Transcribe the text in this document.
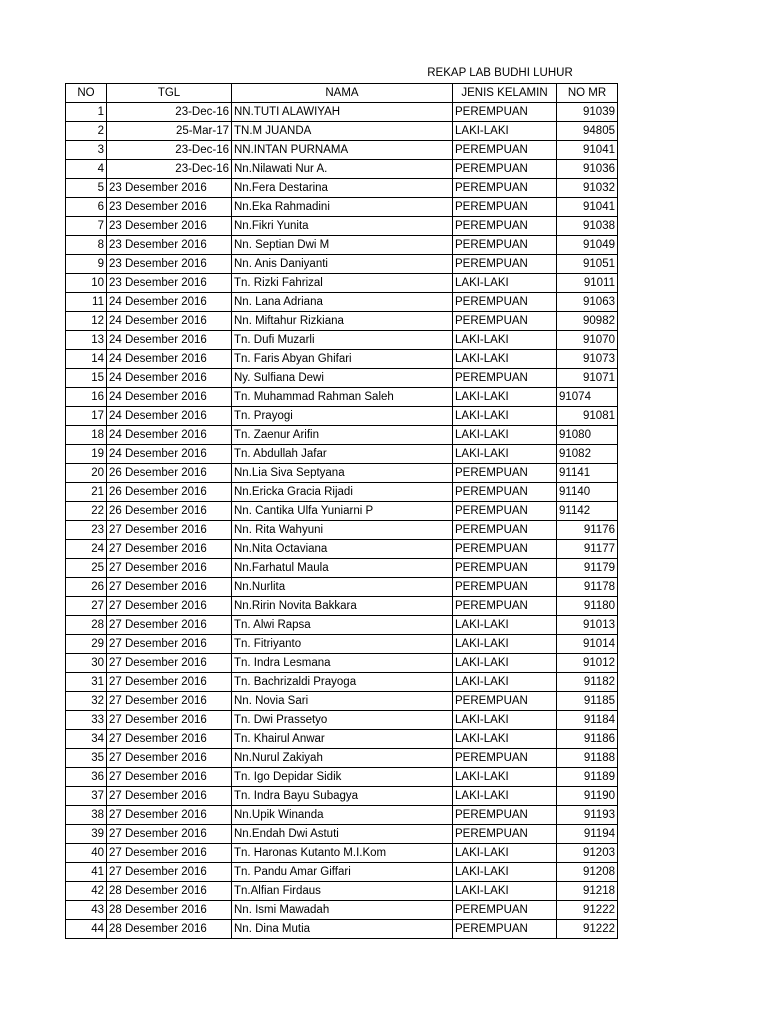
REKAP LAB BUDHI LUHUR
NO	TGL	NAMA	JENIS KELAMIN	NO MR
1	23-Dec-16	NN.TUTI ALAWIYAH	PEREMPUAN	91039
2	25-Mar-17	TN.M JUANDA	LAKI-LAKI	94805
3	23-Dec-16	NN.INTAN PURNAMA	PEREMPUAN	91041
4	23-Dec-16	Nn.Nilawati Nur A.	PEREMPUAN	91036
5	23 Desember 2016	Nn.Fera Destarina	PEREMPUAN	91032
6	23 Desember 2016	Nn.Eka Rahmadini	PEREMPUAN	91041
7	23 Desember 2016	Nn.Fikri Yunita	PEREMPUAN	91038
8	23 Desember 2016	Nn. Septian Dwi M	PEREMPUAN	91049
9	23 Desember 2016	Nn. Anis Daniyanti	PEREMPUAN	91051
10	23 Desember 2016	Tn. Rizki Fahrizal	LAKI-LAKI	91011
11	24 Desember 2016	Nn. Lana Adriana	PEREMPUAN	91063
12	24 Desember 2016	Nn. Miftahur Rizkiana	PEREMPUAN	90982
13	24 Desember 2016	Tn. Dufi Muzarli	LAKI-LAKI	91070
14	24 Desember 2016	Tn. Faris Abyan Ghifari	LAKI-LAKI	91073
15	24 Desember 2016	Ny. Sulfiana Dewi	PEREMPUAN	91071
16	24 Desember 2016	Tn. Muhammad Rahman Saleh	LAKI-LAKI	91074
17	24 Desember 2016	Tn. Prayogi	LAKI-LAKI	91081
18	24 Desember 2016	Tn. Zaenur Arifin	LAKI-LAKI	91080
19	24 Desember 2016	Tn. Abdullah Jafar	LAKI-LAKI	91082
20	26 Desember 2016	Nn.Lia Siva Septyana	PEREMPUAN	91141
21	26 Desember 2016	Nn.Ericka Gracia Rijadi	PEREMPUAN	91140
22	26 Desember 2016	Nn. Cantika Ulfa Yuniarni P	PEREMPUAN	91142
23	27 Desember 2016	Nn. Rita Wahyuni	PEREMPUAN	91176
24	27 Desember 2016	Nn.Nita Octaviana	PEREMPUAN	91177
25	27 Desember 2016	Nn.Farhatul Maula	PEREMPUAN	91179
26	27 Desember 2016	Nn.Nurlita	PEREMPUAN	91178
27	27 Desember 2016	Nn.Ririn Novita Bakkara	PEREMPUAN	91180
28	27 Desember 2016	Tn. Alwi Rapsa	LAKI-LAKI	91013
29	27 Desember 2016	Tn. Fitriyanto	LAKI-LAKI	91014
30	27 Desember 2016	Tn. Indra Lesmana	LAKI-LAKI	91012
31	27 Desember 2016	Tn. Bachrizaldi Prayoga	LAKI-LAKI	91182
32	27 Desember 2016	Nn. Novia Sari	PEREMPUAN	91185
33	27 Desember 2016	Tn. Dwi Prassetyo	LAKI-LAKI	91184
34	27 Desember 2016	Tn. Khairul Anwar	LAKI-LAKI	91186
35	27 Desember 2016	Nn.Nurul Zakiyah	PEREMPUAN	91188
36	27 Desember 2016	Tn. Igo Depidar Sidik	LAKI-LAKI	91189
37	27 Desember 2016	Tn. Indra Bayu Subagya	LAKI-LAKI	91190
38	27 Desember 2016	Nn.Upik Winanda	PEREMPUAN	91193
39	27 Desember 2016	Nn.Endah Dwi Astuti	PEREMPUAN	91194
40	27 Desember 2016	Tn. Haronas Kutanto M.I.Kom	LAKI-LAKI	91203
41	27 Desember 2016	Tn. Pandu Amar Giffari	LAKI-LAKI	91208
42	28 Desember 2016	Tn.Alfian Firdaus	LAKI-LAKI	91218
43	28 Desember 2016	Nn. Ismi Mawadah	PEREMPUAN	91222
44	28 Desember 2016	Nn. Dina Mutia	PEREMPUAN	91222
